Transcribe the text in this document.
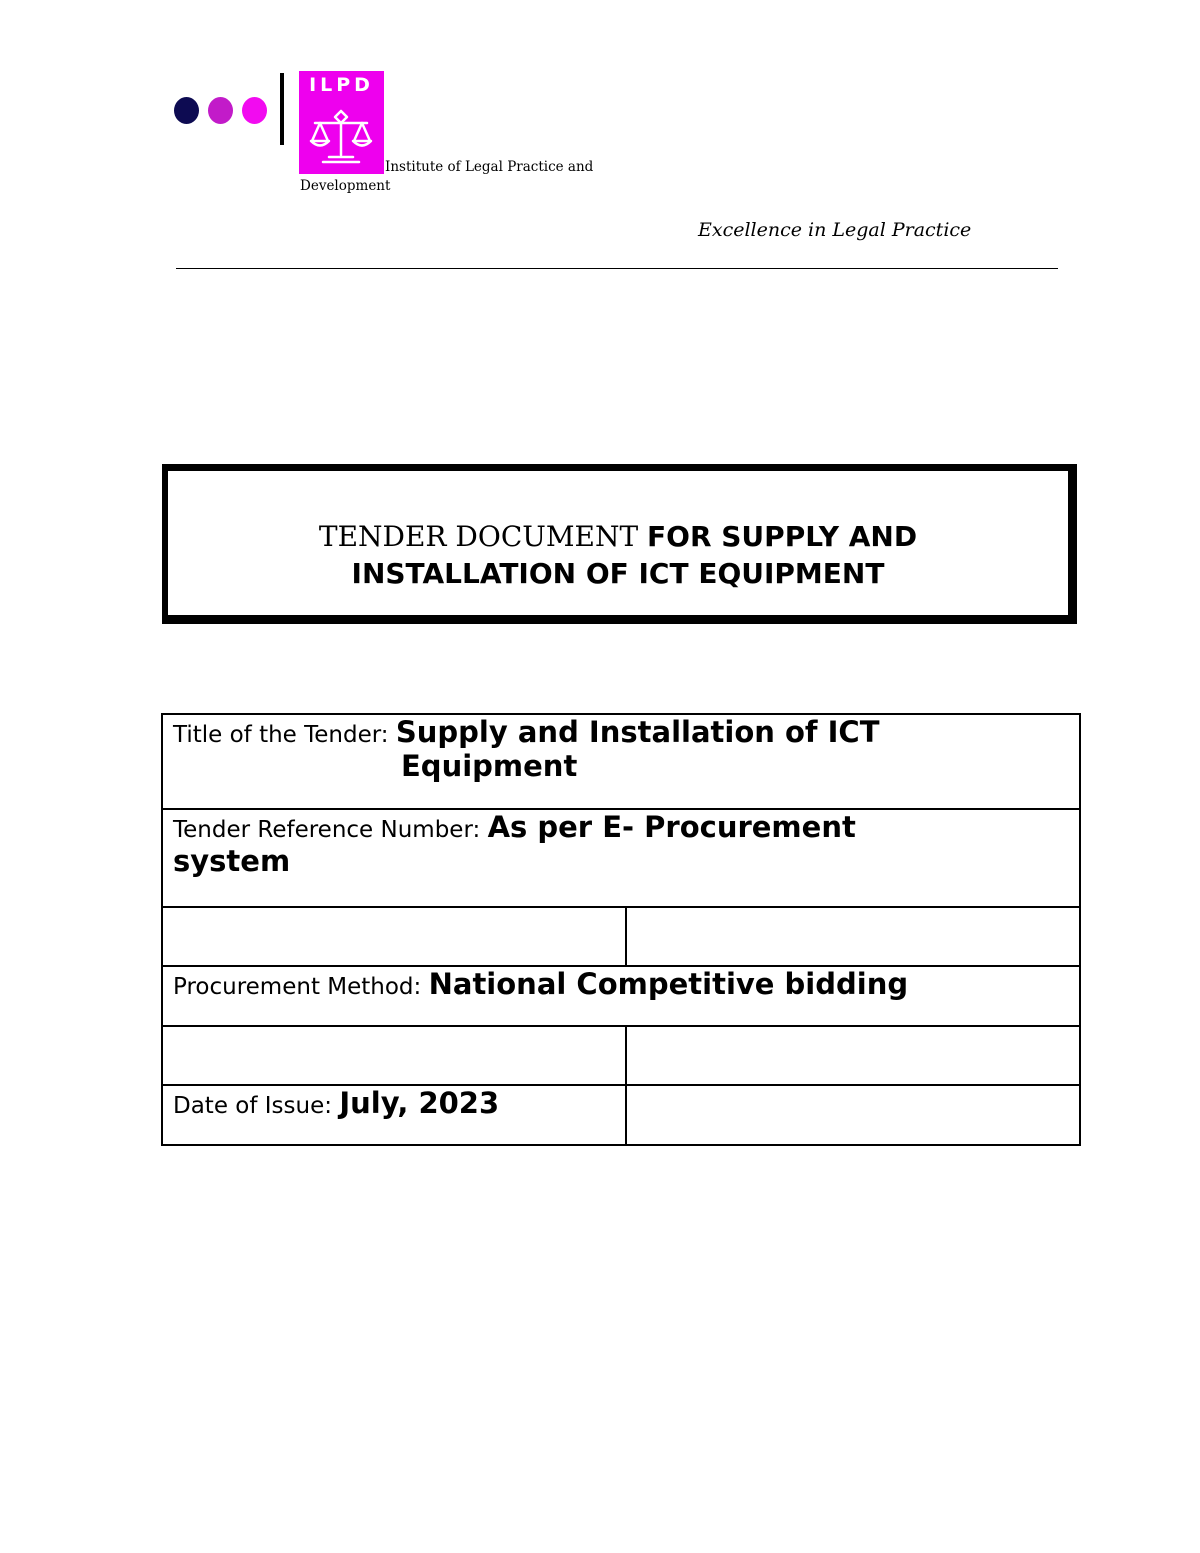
ILPD
Institute of Legal Practice and Development
Excellence in Legal Practice
TENDER DOCUMENT FOR SUPPLY AND
INSTALLATION OF ICT EQUIPMENT
Title of the Tender: Supply and Installation of ICT
Equipment	

Tender Reference Number: As per E- Procurement
system	

Procurement Method: National Competitive bidding	

Date of Issue: July, 2023	
